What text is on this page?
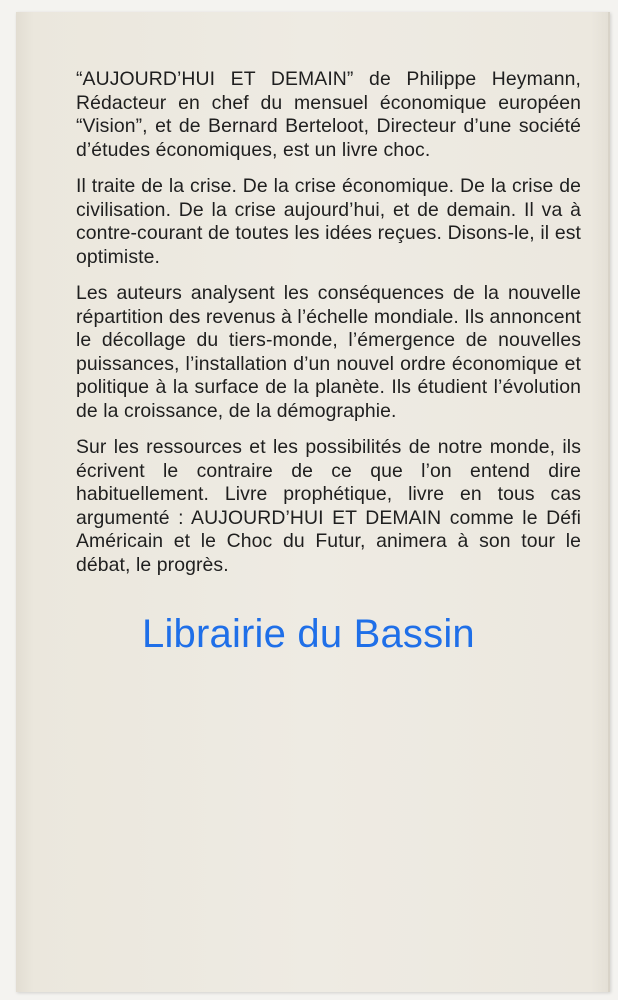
“AUJOURD’HUI ET DEMAIN” de Philippe Heymann, Rédacteur en chef du mensuel économique européen “Vision”, et de Bernard Berteloot, Directeur d’une société d’études économiques, est un livre choc.

Il traite de la crise. De la crise économique. De la crise de civilisation. De la crise aujourd’hui, et de demain. Il va à contre-courant de toutes les idées reçues. Disons-le, il est optimiste.

Les auteurs analysent les conséquences de la nouvelle répartition des revenus à l’échelle mondiale. Ils annoncent le décollage du tiers-monde, l’émergence de nouvelles puissances, l’installation d’un nouvel ordre économique et politique à la surface de la planète. Ils étudient l’évolution de la croissance, de la démographie.

Sur les ressources et les possibilités de notre monde, ils écrivent le contraire de ce que l’on entend dire habituellement. Livre prophétique, livre en tous cas argumenté : AUJOURD’HUI ET DEMAIN comme le Défi Américain et le Choc du Futur, animera à son tour le débat, le progrès.

Librairie du Bassin
